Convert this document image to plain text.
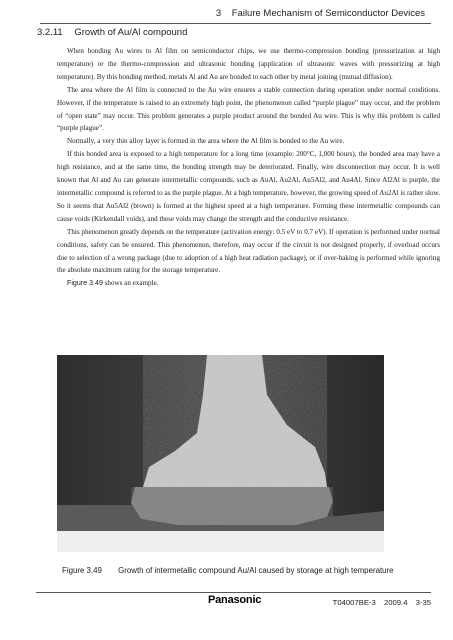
3 Failure Mechanism of Semiconductor Devices
3.2.11 Growth of Au/Al compound

When bonding Au wires to Al film on semiconductor chips, we use thermo-compression bonding (pressurization at high temperature) or the thermo-compression and ultrasonic bonding (application of ultrasonic waves with pressurizing at high temperature). By this bonding method, metals Al and Au are bonded to each other by metal joining (mutual diffusion).

The area where the Al film is connected to the Au wire ensures a stable connection during operation under normal conditions. However, if the temperature is raised to an extremely high point, the phenomenon called “purple plague” may occur, and the problem of “open state” may occur. This problem generates a purple product around the bonded Au wire. This is why this problem is called “purple plague”.

Normally, a very thin alloy layer is formed in the area where the Al film is bonded to the Au wire.

If this bonded area is exposed to a high temperature for a long time (example: 200°C, 1,000 hours), the bonded area may have a high resistance, and at the same time, the bonding strength may be deteriorated. Finally, wire disconnection may occur. It is well known that Al and Au can generate intermetallic compounds, such as AuAl, Au2Al, Au5Al2, and Au4Al. Since Al2Al is purple, the intermetallic compound is referred to as the purple plague. At a high temperature, however, the growing speed of Au2Al is rather slow. So it seems that Au5Al2 (brown) is formed at the highest speed at a high temperature. Forming these intermetallic compounds can cause voids (Kirkendall voids), and these voids may change the strength and the conductive resistance.

This phenomenon greatly depends on the temperature (activation energy: 0.5 eV to 0.7 eV). If operation is performed under normal conditions, safety can be ensured. This phenomenon, therefore, may occur if the circuit is not designed properly, if overload occurs due to selection of a wrong package (due to adoption of a high heat radiation package), or if over-baking is performed while ignoring the absolute maximum rating for the storage temperature.

Figure 3.49 shows an example.

Figure 3.49 Growth of intermetallic compound Au/Al caused by storage at high temperature
Panasonic	T04007BE-3 2009.4 3-35
